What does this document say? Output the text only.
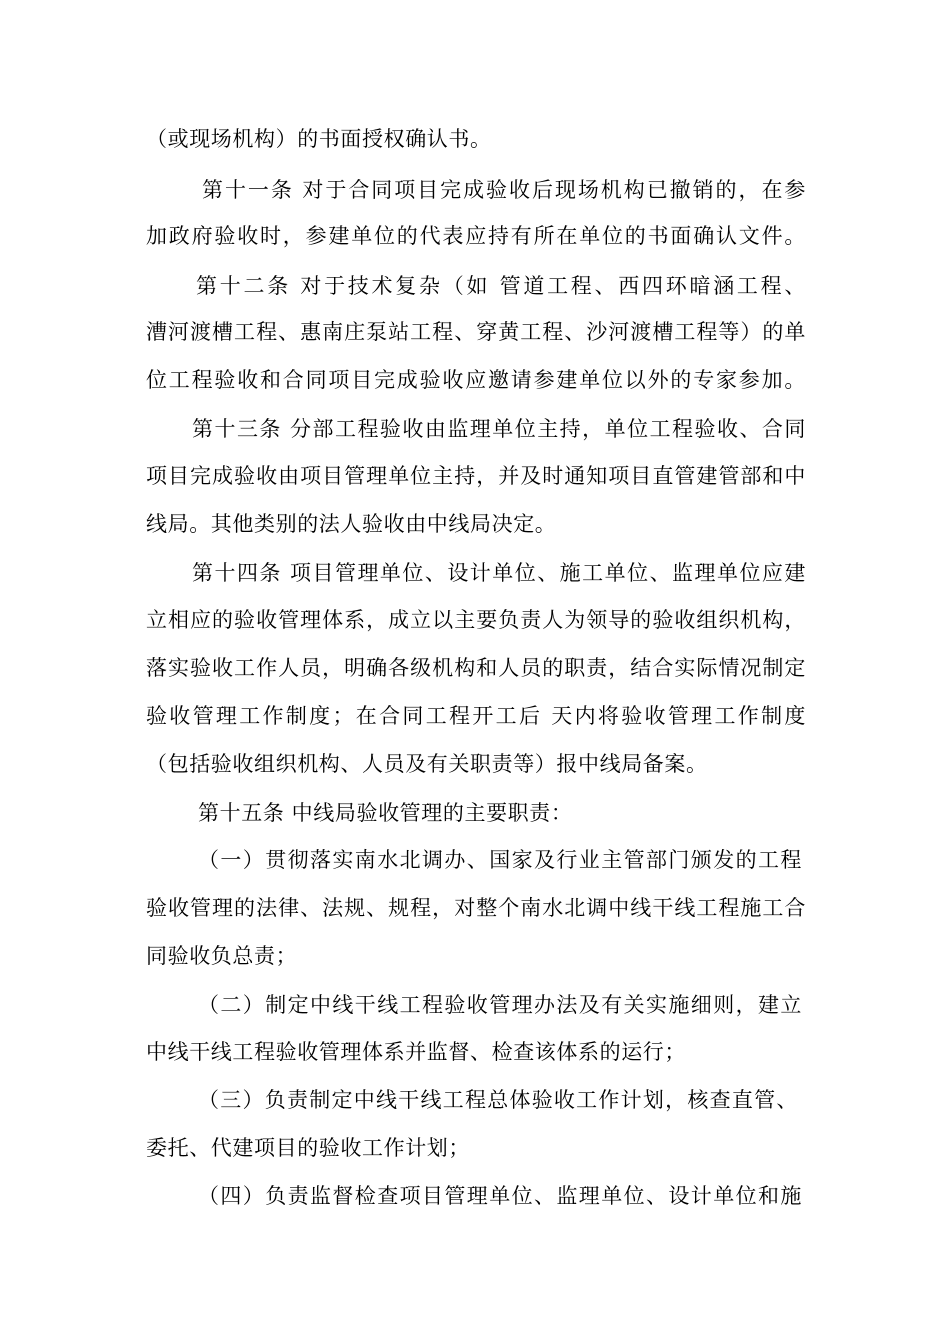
（或现场机构）的书面授权确认书。
第十一条 对于合同项目完成验收后现场机构已撤销的，在参
加政府验收时，参建单位的代表应持有所在单位的书面确认文件。
第十二条 对于技术复杂（如 管道工程、西四环暗涵工程、
漕河渡槽工程、惠南庄泵站工程、穿黄工程、沙河渡槽工程等）的单
位工程验收和合同项目完成验收应邀请参建单位以外的专家参加。
第十三条 分部工程验收由监理单位主持，单位工程验收、合同
项目完成验收由项目管理单位主持，并及时通知项目直管建管部和中
线局。其他类别的法人验收由中线局决定。
第十四条 项目管理单位、设计单位、施工单位、监理单位应建
立相应的验收管理体系，成立以主要负责人为领导的验收组织机构，
落实验收工作人员，明确各级机构和人员的职责，结合实际情况制定
验收管理工作制度；在合同工程开工后 天内将验收管理工作制度
（包括验收组织机构、人员及有关职责等）报中线局备案。
第十五条 中线局验收管理的主要职责：
（一）贯彻落实南水北调办、国家及行业主管部门颁发的工程
验收管理的法律、法规、规程，对整个南水北调中线干线工程施工合
同验收负总责；
（二）制定中线干线工程验收管理办法及有关实施细则，建立
中线干线工程验收管理体系并监督、检查该体系的运行；
（三）负责制定中线干线工程总体验收工作计划，核查直管、
委托、代建项目的验收工作计划；
（四）负责监督检查项目管理单位、监理单位、设计单位和施
